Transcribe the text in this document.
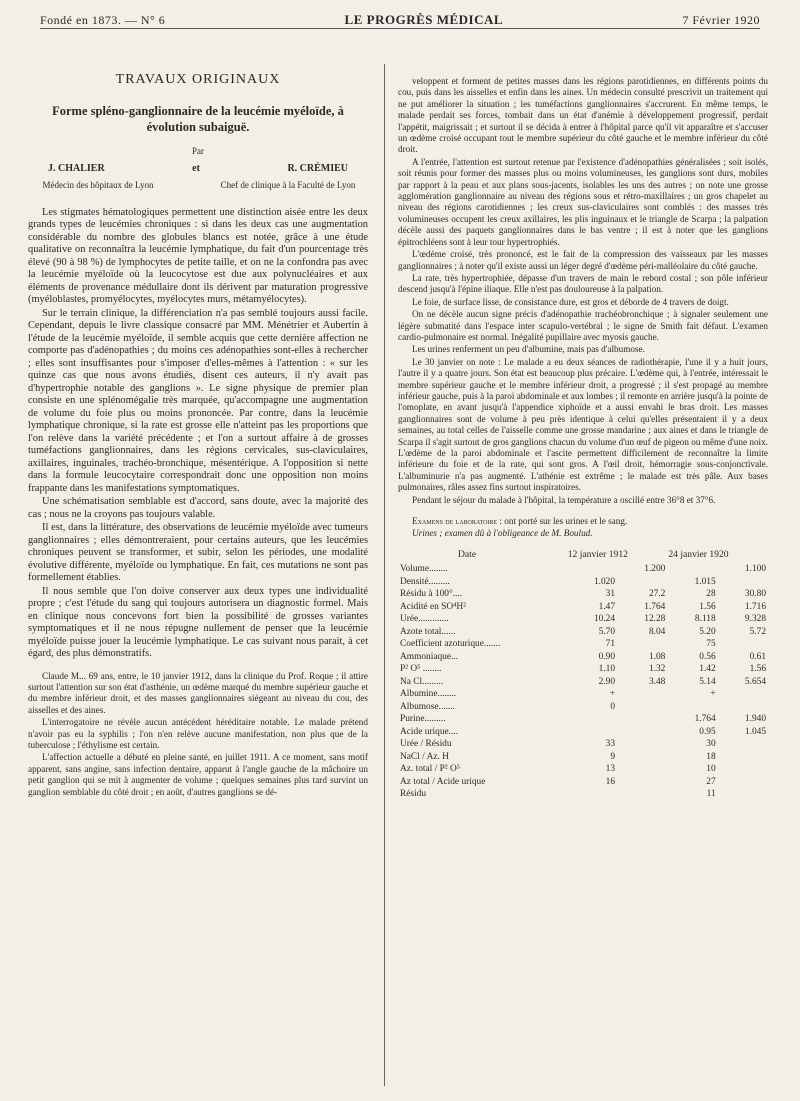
Fondé en 1873. — N° 6	LE PROGRÈS MÉDICAL	7 Février 1920
TRAVAUX ORIGINAUX
Forme spléno-ganglionnaire de la leucémie myéloïde, à évolution subaiguë.
Par
J. CHALIER	et	R. CRÉMIEU
Médecin des hôpitaux de Lyon	Chef de clinique à la Faculté de Lyon

Les stigmates hématologiques permettent une distinction aisée entre les deux grands types de leucémies chroniques : si dans les deux cas une augmentation considérable du nombre des globules blancs est notée, grâce à une étude qualitative on reconnaîtra la leucémie lymphatique, du fait d'un pourcentage très élevé (90 à 98 %) de lymphocytes de petite taille, et on ne la confondra pas avec la leucémie myéloïde où la leucocytose est due aux polynucléaires et aux éléments de provenance médullaire dont ils dérivent par maturation progressive (myéloblastes, promyélocytes, myélocytes murs, métamyélocytes).

Sur le terrain clinique, la différenciation n'a pas semblé toujours aussi facile. Cependant, depuis le livre classique consacré par MM. Ménétrier et Aubertin à l'étude de la leucémie myéloïde, il semble acquis que cette dernière affection ne comporte pas d'adénopathies ; du moins ces adénopathies sont-elles à rechercher ; elles sont insuffisantes pour s'imposer d'elles-mêmes à l'attention : « sur les quinze cas que nous avons étudiés, disent ces auteurs, il n'y avait pas d'hypertrophie notable des ganglions ». Le signe physique de premier plan consiste en une splénomégalie très marquée, qu'accompagne une augmentation de volume du foie plus ou moins prononcée. Par contre, dans la leucémie lymphatique chronique, si la rate est grosse elle n'atteint pas les proportions que l'on relève dans la variété précédente ; et l'on a surtout affaire à de grosses tuméfactions ganglionnaires, dans les régions cervicales, sus-claviculaires, axillaires, inguinales, trachéo-bronchique, mésentérique. A l'opposition si nette dans la formule leucocytaire correspondrait donc une opposition non moins frappante dans les manifestations symptomatiques.

Une schématisation semblable est d'accord, sans doute, avec la majorité des cas ; nous ne la croyons pas toujours valable.

Il est, dans la littérature, des observations de leucémie myéloïde avec tumeurs ganglionnaires ; elles démontreraient, pour certains auteurs, que les leucémies chroniques peuvent se transformer, et subir, selon les périodes, une modalité évolutive différente, myéloïde ou lymphatique. En fait, ces mutations ne sont pas formellement établies.

Il nous semble que l'on doive conserver aux deux types une individualité propre ; c'est l'étude du sang qui toujours autorisera un diagnostic formel. Mais en clinique nous concevons fort bien la possibilité de grosses variantes symptomatiques et il ne nous répugne nullement de penser que la leucémie myéloïde puisse jouer la leucémie lymphatique. Le cas suivant nous parait, à cet égard, des plus démonstratifs.

Claude M... 69 ans, entre, le 10 janvier 1912, dans la clinique du Prof. Roque ; il attire surtout l'attention sur son état d'asthénie, un œdème marqué du membre supérieur gauche et du membre inférieur droit, et des masses ganglionnaires siégeant au niveau du cou, des aisselles et des aines.

L'interrogatoire ne révèle aucun antécédent héréditaire notable. Le malade prétend n'avoir pas eu la syphilis ; l'on n'en relève aucune manifestation, non plus que de la tuberculose ; l'éthylisme est certain.

L'affection actuelle a débuté en pleine santé, en juillet 1911. A ce moment, sans motif apparent, sans angine, sans infection dentaire, apparut à l'angle gauche de la mâchoire un petit ganglion qui se mit à augmenter de volume ; quelques semaines plus tard survint un ganglion semblable du côté droit ; en août, d'autres ganglions se dé-

veloppent et forment de petites masses dans les régions parotidiennes, en différents points du cou, puis dans les aisselles et enfin dans les aines. Un médecin consulté prescrivit un traitement qui ne put améliorer la situation ; les tuméfactions ganglionnaires s'accrurent. En même temps, le malade perdait ses forces, tombait dans un état d'anémie à développement progressif, perdait l'appétit, maigrissait ; et surtout il se décida à entrer à l'hôpital parce qu'il vit apparaître et s'accuser un œdème croisé occupant tout le membre supérieur du côté gauche et le membre inférieur du côté droit.

A l'entrée, l'attention est surtout retenue par l'existence d'adénopathies généralisées ; soit isolés, soit réunis pour former des masses plus ou moins volumineuses, les ganglions sont durs, mobiles par rapport à la peau et aux plans sous-jacents, isolables les uns des autres ; on note une grosse agglomération ganglionnaire au niveau des régions sous et rétro-maxillaires ; un gros chapelet au niveau des régions carotidiennes ; les creux sus-claviculaires sont comblés : des masses très volumineuses occupent les creux axillaires, les plis inguinaux et le triangle de Scarpa ; la palpation décèle aussi des paquets ganglionnaires dans le bas ventre ; il est à noter que les ganglions épitrochléens sont à leur tour hypertrophiés.

L'œdème croisé, très prononcé, est le fait de la compression des vaisseaux par les masses ganglionnaires ; à noter qu'il existe aussi un léger degré d'œdème péri-malléolaire du côté gauche.

La rate, très hypertrophiée, dépasse d'un travers de main le rebord costal ; son pôle inférieur descend jusqu'à l'épine iliaque. Elle n'est pas douloureuse à la palpation.

Le foie, de surface lisse, de consistance dure, est gros et déborde de 4 travers de doigt.

On ne décèle aucun signe précis d'adénopathie trachéobronchique ; à signaler seulement une légère submatité dans l'espace inter scapulo-vertébral ; le signe de Smith fait défaut. L'examen cardio-pulmonaire est normal. Inégalité pupillaire avec myosis gauche.

Les urines renferment un peu d'albumine, mais pas d'albumose.

Le 30 janvier on note : Le malade a eu deux séances de radiothérapie, l'une il y a huit jours, l'autre il y a quatre jours. Son état est beaucoup plus précaire. L'œdème qui, à l'entrée, intéressait le membre supérieur gauche et le membre inférieur droit, a progressé ; il s'est propagé au membre inférieur gauche, puis à la paroi abdominale et aux lombes ; il remonte en arrière jusqu'à la pointe de l'omoplate, en avant jusqu'à l'appendice xiphoïde et a aussi envahi le bras droit. Les masses ganglionnaires sont de volume à peu près identique à celui qu'elles présentaient il y a deux semaines, au total celles de l'aisselle comme une grosse mandarine ; aux aines et dans le triangle de Scarpa il s'agit surtout de gros ganglions chacun du volume d'un œuf de pigeon ou même d'une noix. L'œdème de la paroi abdominale et l'ascite permettent difficilement de reconnaître la limite inférieure du foie et de la rate, qui sont gros. A l'œil droit, hémorragie sous-conjonctivale. L'albuminurie n'a pas augmenté. L'athénie est extrême ; le malade est très pâle. Aux bases pulmonaires, râles assez fins surtout inspiratoires.

Pendant le séjour du malade à l'hôpital, la température a oscillé entre 36°8 et 37°6.

Examens de laboratoire : ont porté sur les urines et le sang.

Urines ; examen dû à l'obligeance de M. Boulud.

Date	12 janvier 1912		24 janvier 1920	
Volume........		1.200		1.100
Densité.........	1.020		1.015	
Résidu à 100°....	31	27.2	28	30.80
Acidité en SO⁴H²	1.47	1.764	1.56	1.716
Urée.............	10.24	12.28	8.118	9.328
Azote total......	5.70	8.04	5.20	5.72
Coefficient azoturique.......	71		75	
Ammoniaque...	0.90	1.08	0.56	0.61
P² O⁵ ........	1.10	1.32	1.42	1.56
Na Cl.........	2.90	3.48	5.14	5.654
Albumine........	+		+	
Albumose.......	0			
Purine.........			1.764	1.940
Acide urique....			0.95	1.045
Urée / Résidu	33		30	
NaCl / Az. H	9		18	
Az. total / P² O⁵	13		10	
Az total / Acide urique	16		27	
Résidu			11	
